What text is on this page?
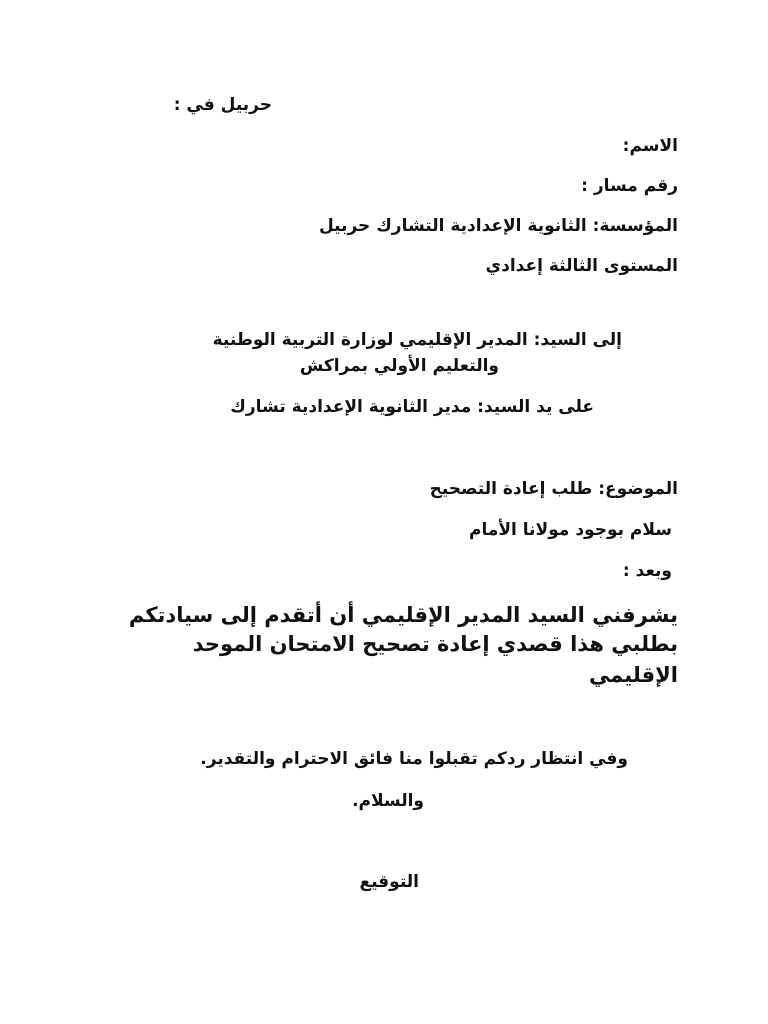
حربيل في :
الاسم:
رقم مسار :
المؤسسة: الثانوية الإعدادية التشارك حربيل
المستوى الثالثة إعدادي
إلى السيد: المدير الإقليمي لوزارة التربية الوطنية
والتعليم الأولي بمراكش
على يد السيد: مدير الثانوية الإعدادية تشارك
الموضوع: طلب إعادة التصحيح
سلام بوجود مولانا الأمام
وبعد :
يشرفني السيد المدير الإقليمي أن أتقدم إلى سيادتكم
بطلبي هذا قصدي إعادة تصحيح الامتحان الموحد
الإقليمي
وفي انتظار ردكم تقبلوا منا فائق الاحترام والتقدير.
والسلام.
التوقيع
